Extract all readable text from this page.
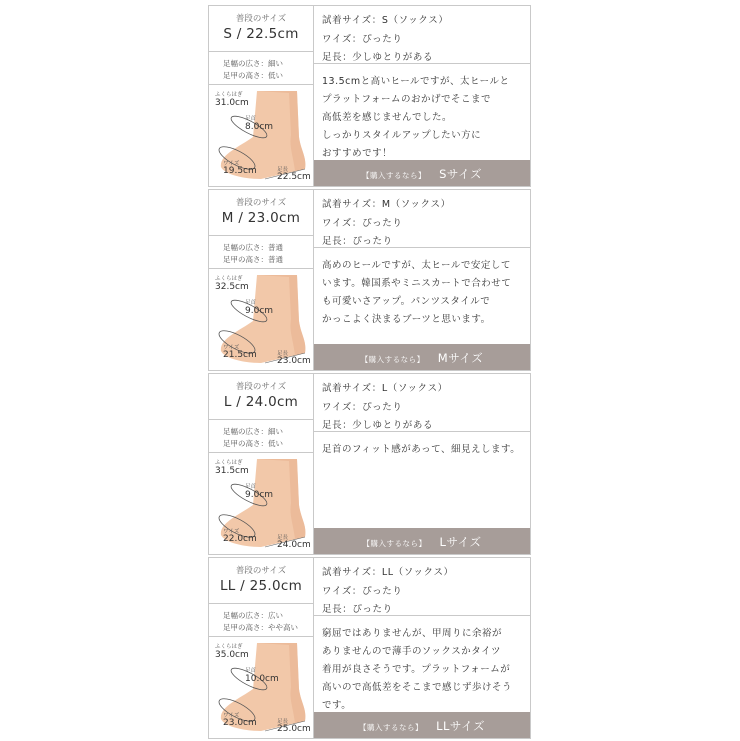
普段のサイズ
S / 22.5cm
足幅の広さ：細い
足甲の高さ：低い
ふくらはぎ
31.0cm
足首
8.0cm
ワイズ
19.5cm	足長
22.5cm
試着サイズ：S（ソックス）
ワイズ：ぴったり
足長：少しゆとりがある
13.5cmと高いヒールですが、太ヒールと
プラットフォームのおかげでそこまで
高低差を感じませんでした。
しっかりスタイルアップしたい方に
おすすめです！
【購入するなら】 Sサイズ
普段のサイズ
M / 23.0cm
足幅の広さ：普通
足甲の高さ：普通
ふくらはぎ
32.5cm
足首
9.0cm
ワイズ
21.5cm	足長
23.0cm
試着サイズ：M（ソックス）
ワイズ：ぴったり
足長：ぴったり
高めのヒールですが、太ヒールで安定して
います。韓国系やミニスカートで合わせて
も可愛いさアップ。パンツスタイルで
かっこよく決まるブーツと思います。
【購入するなら】 Mサイズ
普段のサイズ
L / 24.0cm
足幅の広さ：細い
足甲の高さ：低い
ふくらはぎ
31.5cm
足首
9.0cm
ワイズ
22.0cm	足長
24.0cm
試着サイズ：L（ソックス）
ワイズ：ぴったり
足長：少しゆとりがある
足首のフィット感があって、細見えします。
【購入するなら】 Lサイズ
普段のサイズ
LL / 25.0cm
足幅の広さ：広い
足甲の高さ：やや高い
ふくらはぎ
35.0cm
足首
10.0cm
ワイズ
23.0cm	足長
25.0cm
試着サイズ：LL（ソックス）
ワイズ：ぴったり
足長：ぴったり
窮屈ではありませんが、甲周りに余裕が
ありませんので薄手のソックスかタイツ
着用が良さそうです。プラットフォームが
高いので高低差をそこまで感じず歩けそう
です。
【購入するなら】 LLサイズ
